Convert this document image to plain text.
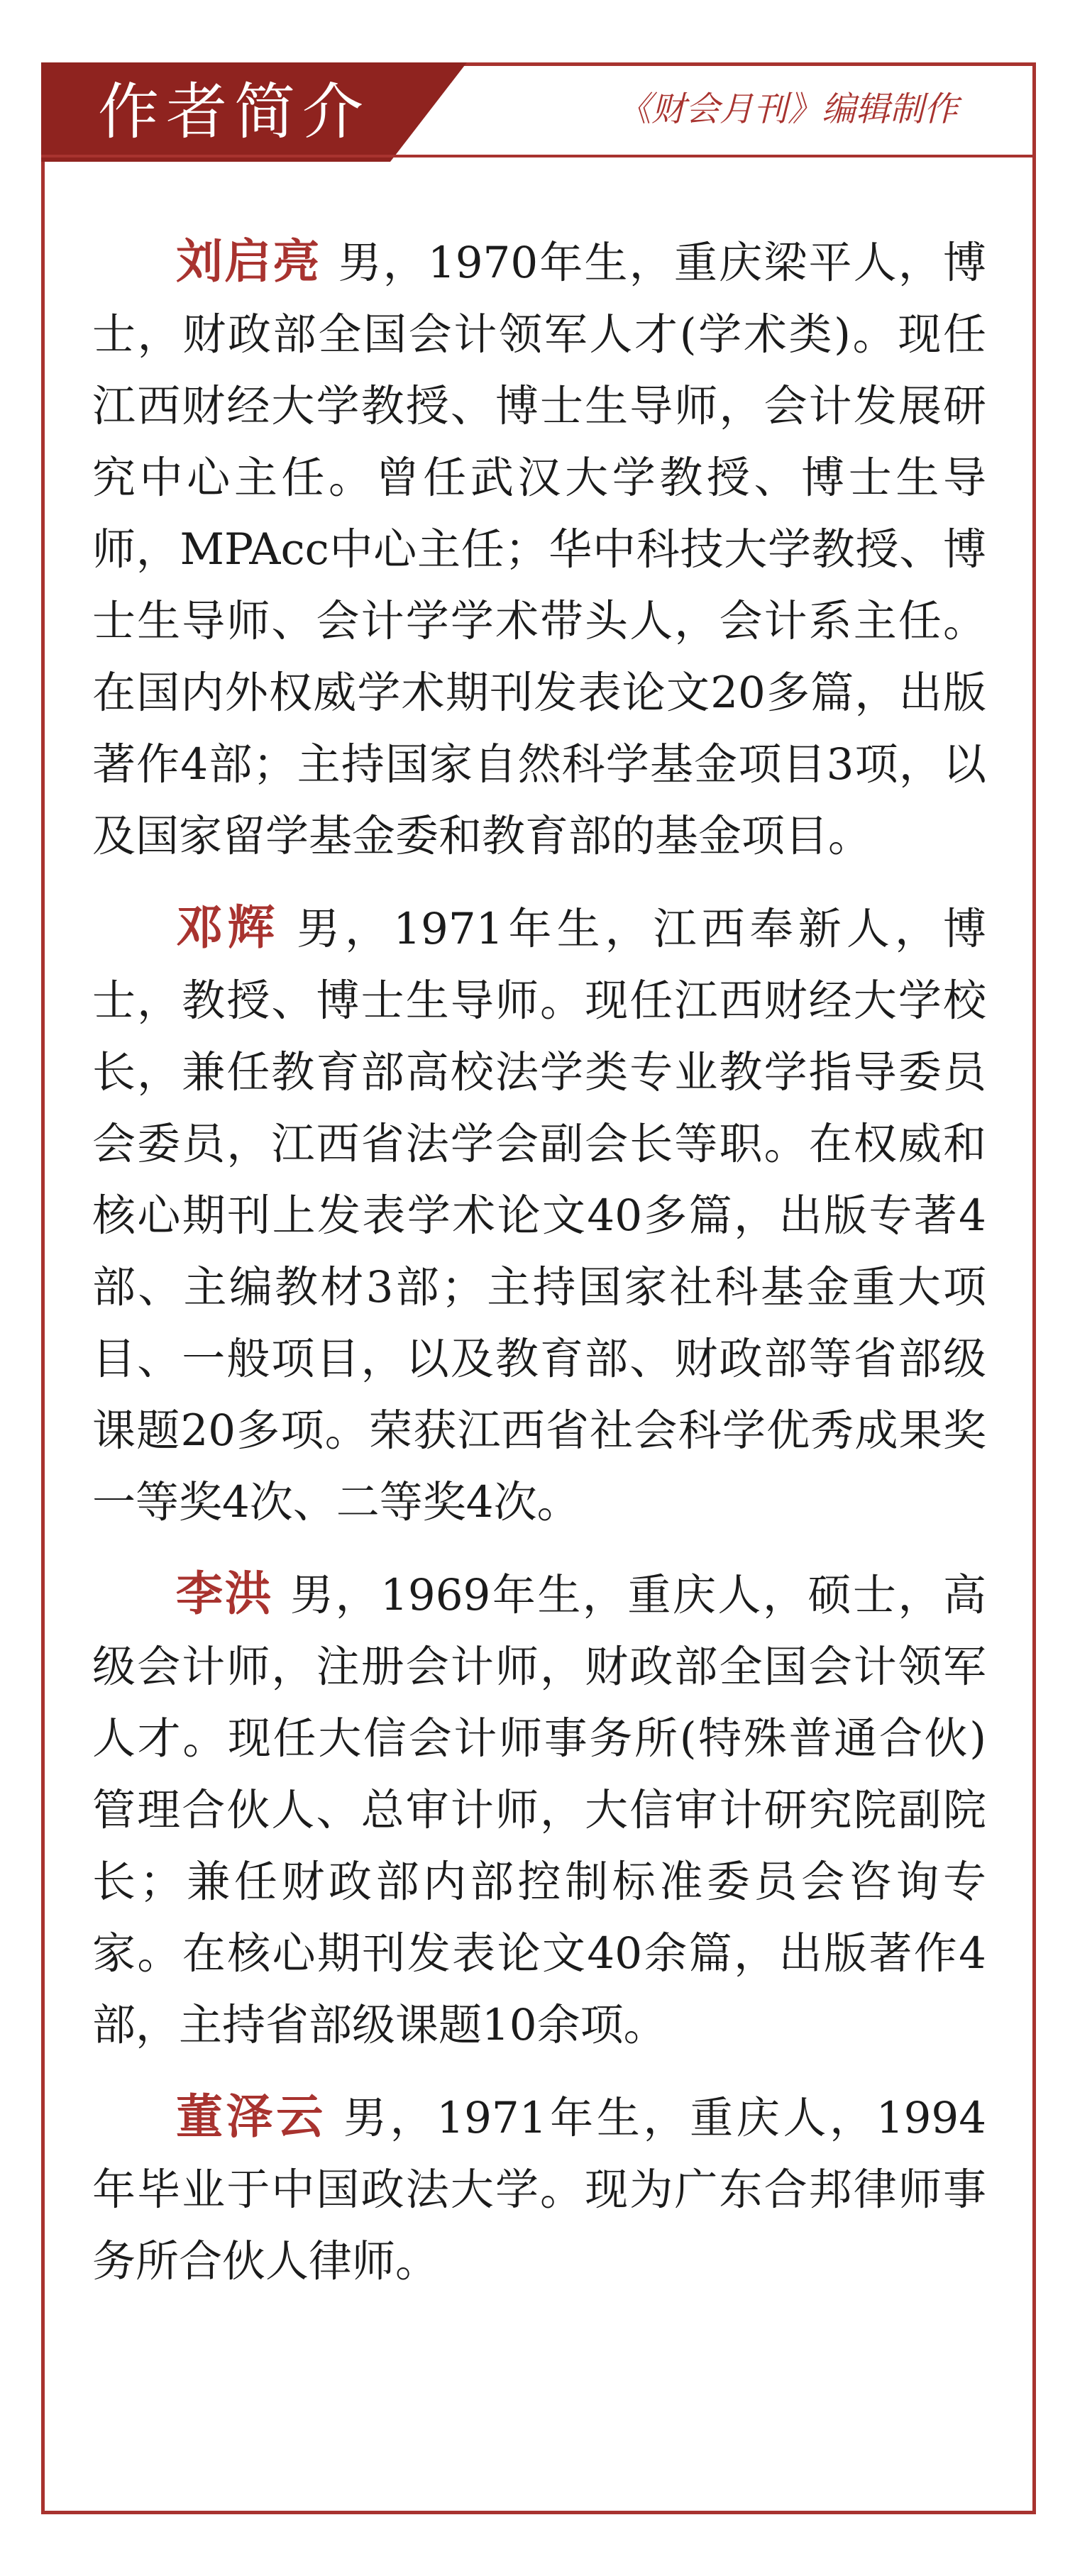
作者简介	《财会月刊》编辑制作

刘启亮 男，1970年生，重庆梁平人，博士，财政部全国会计领军人才(学术类)。现任江西财经大学教授、博士生导师，会计发展研究中心主任。曾任武汉大学教授、博士生导师，MPAcc中心主任；华中科技大学教授、博士生导师、会计学学术带头人，会计系主任。在国内外权威学术期刊发表论文20多篇，出版著作4部；主持国家自然科学基金项目3项，以及国家留学基金委和教育部的基金项目。

邓辉 男，1971年生，江西奉新人，博士，教授、博士生导师。现任江西财经大学校长，兼任教育部高校法学类专业教学指导委员会委员，江西省法学会副会长等职。在权威和核心期刊上发表学术论文40多篇，出版专著4部、主编教材3部；主持国家社科基金重大项目、一般项目，以及教育部、财政部等省部级课题20多项。荣获江西省社会科学优秀成果奖一等奖4次、二等奖4次。

李洪 男，1969年生，重庆人，硕士，高级会计师，注册会计师，财政部全国会计领军人才。现任大信会计师事务所(特殊普通合伙)管理合伙人、总审计师，大信审计研究院副院长；兼任财政部内部控制标准委员会咨询专家。在核心期刊发表论文40余篇，出版著作4部，主持省部级课题10余项。

董泽云 男，1971年生，重庆人，1994年毕业于中国政法大学。现为广东合邦律师事务所合伙人律师。
